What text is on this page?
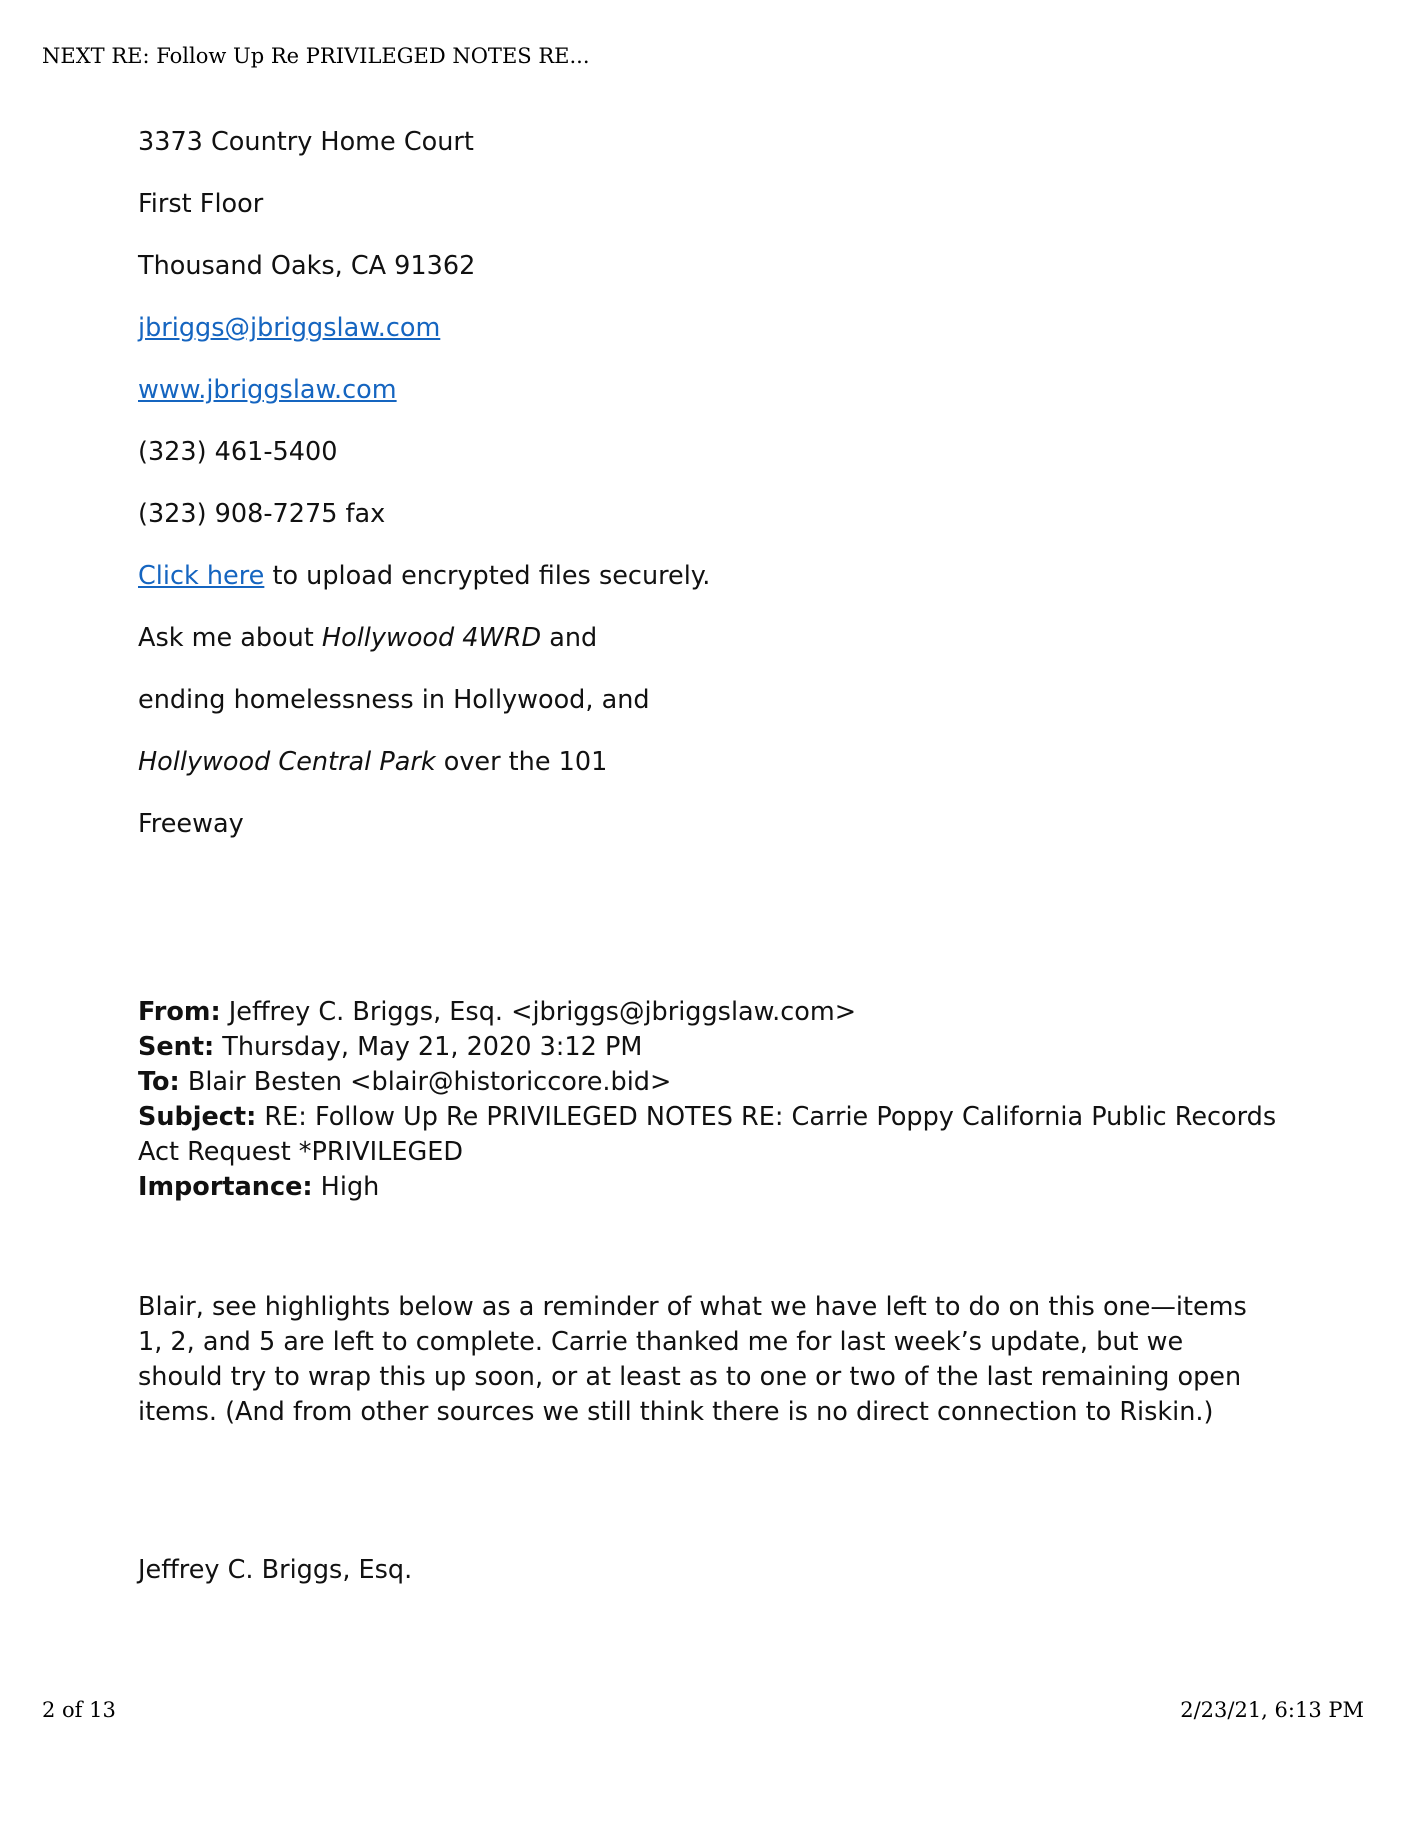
NEXT RE: Follow Up Re PRIVILEGED NOTES RE...
3373 Country Home Court
First Floor
Thousand Oaks, CA 91362
jbriggs@jbriggslaw.com
www.jbriggslaw.com
(323) 461-5400
(323) 908-7275 fax
Click here to upload encrypted files securely.
Ask me about Hollywood 4WRD and
ending homelessness in Hollywood, and
Hollywood Central Park over the 101
Freeway
From: Jeffrey C. Briggs, Esq. <jbriggs@jbriggslaw.com>
Sent: Thursday, May 21, 2020 3:12 PM
To: Blair Besten <blair@historiccore.bid>
Subject: RE: Follow Up Re PRIVILEGED NOTES RE: Carrie Poppy California Public Records Act Request *PRIVILEGED
Importance: High
Blair, see highlights below as a reminder of what we have left to do on this one—items 1, 2, and 5 are left to complete. Carrie thanked me for last week’s update, but we should try to wrap this up soon, or at least as to one or two of the last remaining open items. (And from other sources we still think there is no direct connection to Riskin.)
Jeffrey C. Briggs, Esq.
2 of 13	2/23/21, 6:13 PM
